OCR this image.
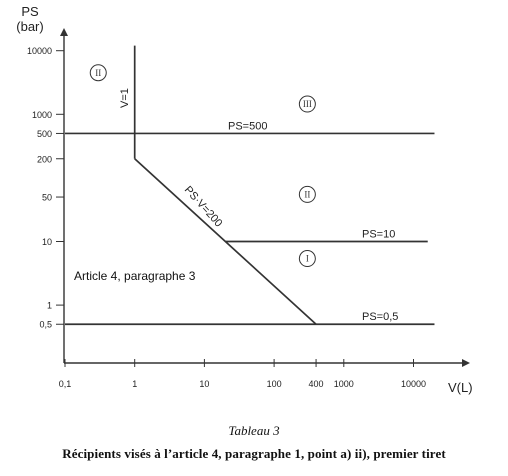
0,1	1	10	100	400 1000	10000
0,5
1
10
50
200
500
1000
10000
V(L)
PS
(bar)
PS=500
V=1
PS·V=200
PS=10
PS=0,5
II
III
II
I
Article 4, paragraphe 3
Tableau 3
Récipients visés à l’article 4, paragraphe 1, point a) ii), premier tiret
